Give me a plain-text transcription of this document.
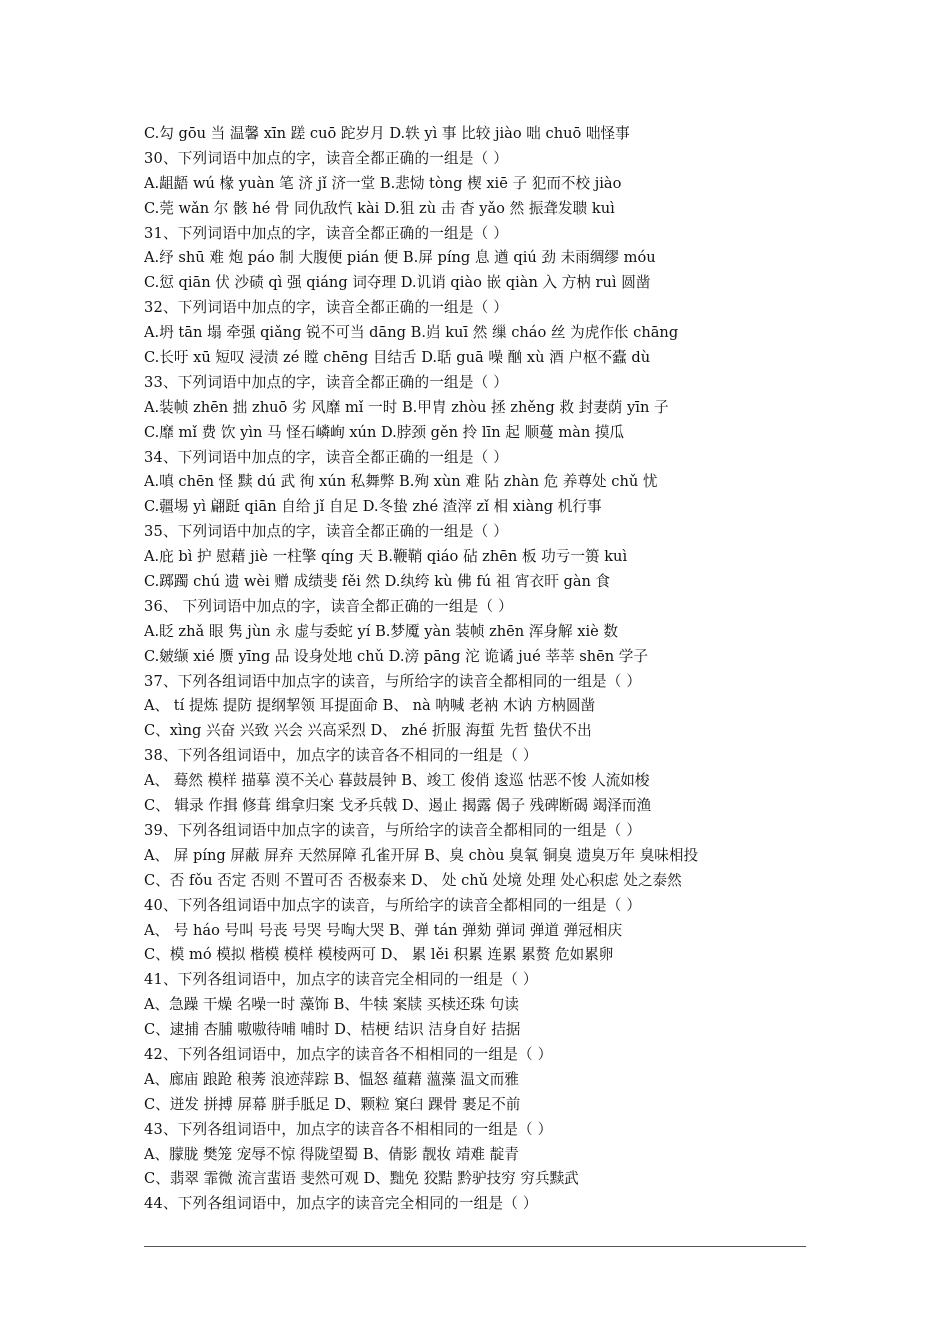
C.勾 gōu 当 温馨 xīn 蹉 cuō 跎岁月 D.轶 yì 事 比较 jiào 咄 chuō 咄怪事
30、下列词语中加点的字，读音全都正确的一组是（ ）
A.龃龉 wú 椽 yuàn 笔 济 jǐ 济一堂 B.悲恸 tòng 楔 xiē 子 犯而不校 jiào
C.莞 wǎn 尔 骸 hé 骨 同仇敌忾 kài D.狙 zù 击 杳 yǎo 然 振聋发聩 kuì
31、下列词语中加点的字，读音全都正确的一组是（ ）
A.纾 shū 难 炮 páo 制 大腹便 pián 便 B.屏 píng 息 遒 qiú 劲 未雨绸缪 móu
C.愆 qiān 伏 沙碛 qì 强 qiáng 词夺理 D.讥诮 qiào 嵌 qiàn 入 方枘 ruì 圆凿
32、下列词语中加点的字，读音全都正确的一组是（ ）
A.坍 tān 塌 牵强 qiǎng 锐不可当 dāng B.岿 kuī 然 缫 cháo 丝 为虎作伥 chāng
C.长吁 xū 短叹 浸渍 zé 瞠 chēng 目结舌 D.聒 guā 噪 酗 xù 酒 户枢不蠹 dù
33、下列词语中加点的字，读音全都正确的一组是（ ）
A.装帧 zhēn 拙 zhuō 劣 风靡 mǐ 一时 B.甲胄 zhòu 拯 zhěng 救 封妻荫 yīn 子
C.靡 mǐ 费 饮 yìn 马 怪石嶙峋 xún D.脖颈 gěn 拎 līn 起 顺蔓 màn 摸瓜
34、下列词语中加点的字，读音全都正确的一组是（ ）
A.嗔 chēn 怪 黩 dú 武 徇 xún 私舞弊 B.殉 xùn 难 阽 zhàn 危 养尊处 chǔ 忧
C.疆埸 yì 翩跹 qiān 自给 jǐ 自足 D.冬蛰 zhé 渣滓 zǐ 相 xiàng 机行事
35、下列词语中加点的字，读音全都正确的一组是（ ）
A.庇 bì 护 慰藉 jiè 一柱擎 qíng 天 B.鞭鞘 qiáo 砧 zhēn 板 功亏一篑 kuì
C.踯躅 chú 遗 wèi 赠 成绩斐 fěi 然 D.纨绔 kù 佛 fú 祖 宵衣旰 gàn 食
36、 下列词语中加点的字，读音全都正确的一组是（ ）
A.眨 zhǎ 眼 隽 jùn 永 虚与委蛇 yí B.梦魇 yàn 装帧 zhēn 浑身解 xiè 数
C.皴缬 xié 赝 yīng 品 设身处地 chǔ D.滂 pāng 沱 诡谲 jué 莘莘 shēn 学子
37、下列各组词语中加点字的读音，与所给字的读音全都相同的一组是（ ）
A、 tí 提炼 提防 提纲挈领 耳提面命 B、 nà 呐喊 老衲 木讷 方枘圆凿
C、xìng 兴奋 兴致 兴会 兴高采烈 D、 zhé 折服 海蜇 先哲 蛰伏不出
38、下列各组词语中，加点字的读音各不相同的一组是（ ）
A、 蓦然 模样 描摹 漠不关心 暮鼓晨钟 B、竣工 俊俏 逡巡 怙恶不悛 人流如梭
C、 辑录 作揖 修葺 缉拿归案 戈矛兵戟 D、遏止 揭露 偈子 残碑断碣 竭泽而渔
39、下列各组词语中加点字的读音，与所给字的读音全都相同的一组是（ ）
A、 屏 píng 屏蔽 屏弃 天然屏障 孔雀开屏 B、臭 chòu 臭氧 铜臭 遗臭万年 臭味相投
C、否 fǒu 否定 否则 不置可否 否极泰来 D、 处 chǔ 处境 处理 处心积虑 处之泰然
40、下列各组词语中加点字的读音，与所给字的读音全都相同的一组是（ ）
A、 号 háo 号叫 号丧 号哭 号啕大哭 B、弹 tán 弹劾 弹词 弹道 弹冠相庆
C、模 mó 模拟 楷模 模样 模棱两可 D、 累 lěi 积累 连累 累赘 危如累卵
41、下列各组词语中，加点字的读音完全相同的一组是（ ）
A、急躁 干燥 名噪一时 藻饰 B、牛犊 案牍 买椟还珠 句读
C、逮捕 杏脯 嗷嗷待哺 哺时 D、桔梗 结识 洁身自好 拮据
42、下列各组词语中，加点字的读音各不相相同的一组是（ ）
A、廊庙 踉跄 稂莠 浪迹萍踪 B、愠怒 蕴藉 薀藻 温文而雅
C、迸发 拼搏 屏幕 胼手胝足 D、颗粒 窠臼 踝骨 裹足不前
43、下列各组词语中，加点字的读音各不相相同的一组是（ ）
A、朦胧 樊笼 宠辱不惊 得陇望蜀 B、倩影 靓妆 靖难 靛青
C、翡翠 霏微 流言蜚语 斐然可观 D、黜免 狡黠 黔驴技穷 穷兵黩武
44、下列各组词语中，加点字的读音完全相同的一组是（ ）
